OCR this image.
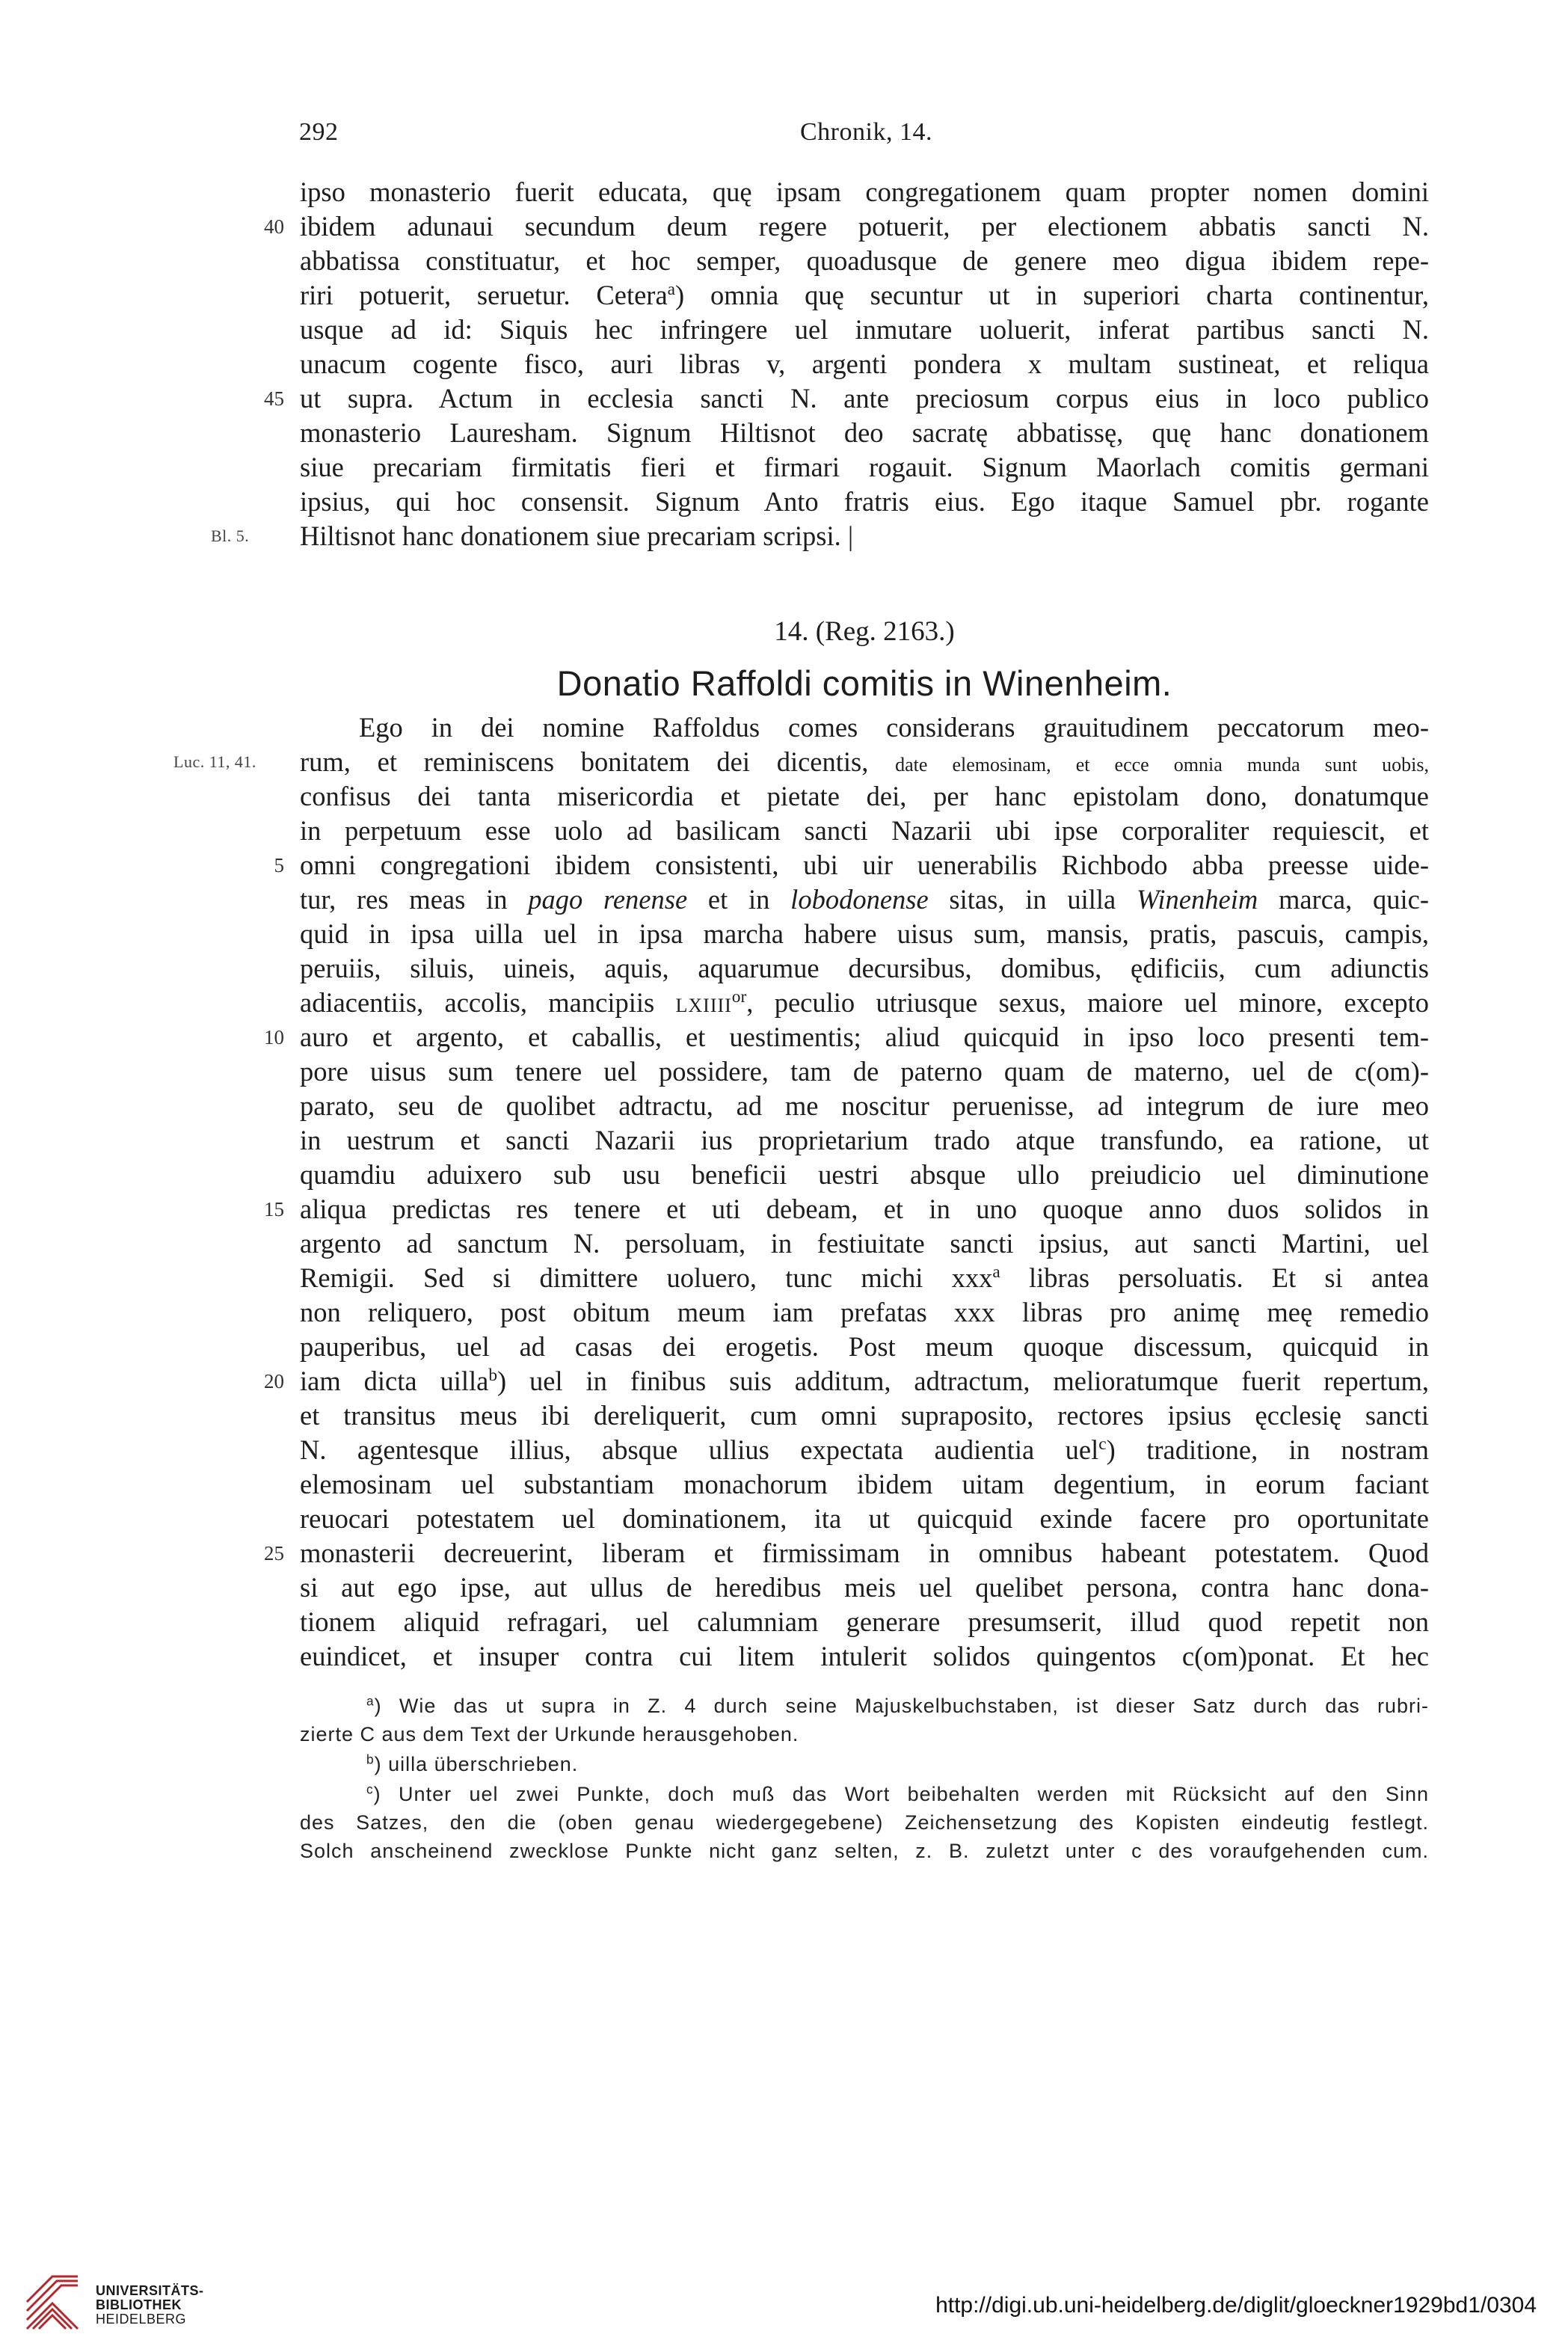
292	Chronik, 14.
ipso monasterio fuerit educata, quę ipsam congregationem quam propter nomen domini
40 ibidem adunaui secundum deum regere potuerit, per electionem abbatis sancti N.
abbatissa constituatur, et hoc semper, quoadusque de genere meo digua ibidem repe-
riri potuerit, seruetur. Cetera$^a$) omnia quę secuntur ut in superiori charta continentur,
usque ad id: Siquis hec infringere uel inmutare uoluerit, inferat partibus sancti N.
unacum cogente fisco, auri libras v, argenti pondera x multam sustineat, et reliqua
45 ut supra. Actum in ecclesia sancti N. ante preciosum corpus eius in loco publico
monasterio Lauresham. Signum Hiltisnot deo sacratę abbatissę, quę hanc donationem
siue precariam firmitatis fieri et firmari rogauit. Signum Maorlach comitis germani
ipsius, qui hoc consensit. Signum Anto fratris eius. Ego itaque Samuel pbr. rogante
Bl. 5. Hiltisnot hanc donationem siue precariam scripsi. |
14. (Reg. 2163.)
Donatio Raffoldi comitis in Winenheim.
Ego in dei nomine Raffoldus comes considerans grauitudinem peccatorum meo-
Luc. 11, 41. rum, et reminiscens bonitatem dei dicentis, date elemosinam, et ecce omnia munda sunt uobis,
confisus dei tanta misericordia et pietate dei, per hanc epistolam dono, donatumque
in perpetuum esse uolo ad basilicam sancti Nazarii ubi ipse corporaliter requiescit, et
5 omni congregationi ibidem consistenti, ubi uir uenerabilis Richbodo abba preesse uide-
tur, res meas in pago renense et in lobodonense sitas, in uilla Winenheim marca, quic-
quid in ipsa uilla uel in ipsa marcha habere uisus sum, mansis, pratis, pascuis, campis,
peruiis, siluis, uineis, aquis, aquarumue decursibus, domibus, ędificiis, cum adiunctis
adiacentiis, accolis, mancipiis lxiiii$^{or}$, peculio utriusque sexus, maiore uel minore, excepto
10 auro et argento, et caballis, et uestimentis; aliud quicquid in ipso loco presenti tem-
pore uisus sum tenere uel possidere, tam de paterno quam de materno, uel de c(om)-
parato, seu de quolibet adtractu, ad me noscitur peruenisse, ad integrum de iure meo
in uestrum et sancti Nazarii ius proprietarium trado atque transfundo, ea ratione, ut
quamdiu aduixero sub usu beneficii uestri absque ullo preiudicio uel diminutione
15 aliqua predictas res tenere et uti debeam, et in uno quoque anno duos solidos in
argento ad sanctum N. persoluam, in festiuitate sancti ipsius, aut sancti Martini, uel
Remigii. Sed si dimittere uoluero, tunc michi xxx$^a$ libras persoluatis. Et si antea
non reliquero, post obitum meum iam prefatas xxx libras pro animę meę remedio
pauperibus, uel ad casas dei erogetis. Post meum quoque discessum, quicquid in
20 iam dicta uilla$^b$) uel in finibus suis additum, adtractum, melioratumque fuerit repertum,
et transitus meus ibi dereliquerit, cum omni supraposito, rectores ipsius ęcclesię sancti
N. agentesque illius, absque ullius expectata audientia uel$^c$) traditione, in nostram
elemosinam uel substantiam monachorum ibidem uitam degentium, in eorum faciant
reuocari potestatem uel dominationem, ita ut quicquid exinde facere pro oportunitate
25 monasterii decreuerint, liberam et firmissimam in omnibus habeant potestatem. Quod
si aut ego ipse, aut ullus de heredibus meis uel quelibet persona, contra hanc dona-
tionem aliquid refragari, uel calumniam generare presumserit, illud quod repetit non
euindicet, et insuper contra cui litem intulerit solidos quingentos c(om)ponat. Et hec
$^a$) Wie das ut supra in Z. 4 durch seine Majuskelbuchstaben, ist dieser Satz durch das rubri-
zierte C aus dem Text der Urkunde herausgehoben.
$^b$) uilla überschrieben.
$^c$) Unter uel zwei Punkte, doch muß das Wort beibehalten werden mit Rücksicht auf den Sinn
des Satzes, den die (oben genau wiedergegebene) Zeichensetzung des Kopisten eindeutig festlegt.
Solch anscheinend zwecklose Punkte nicht ganz selten, z. B. zuletzt unter c des voraufgehenden cum.
UNIVERSITÄTS-
BIBLIOTHEK
HEIDELBERG
http://digi.ub.uni-heidelberg.de/diglit/gloeckner1929bd1/0304
